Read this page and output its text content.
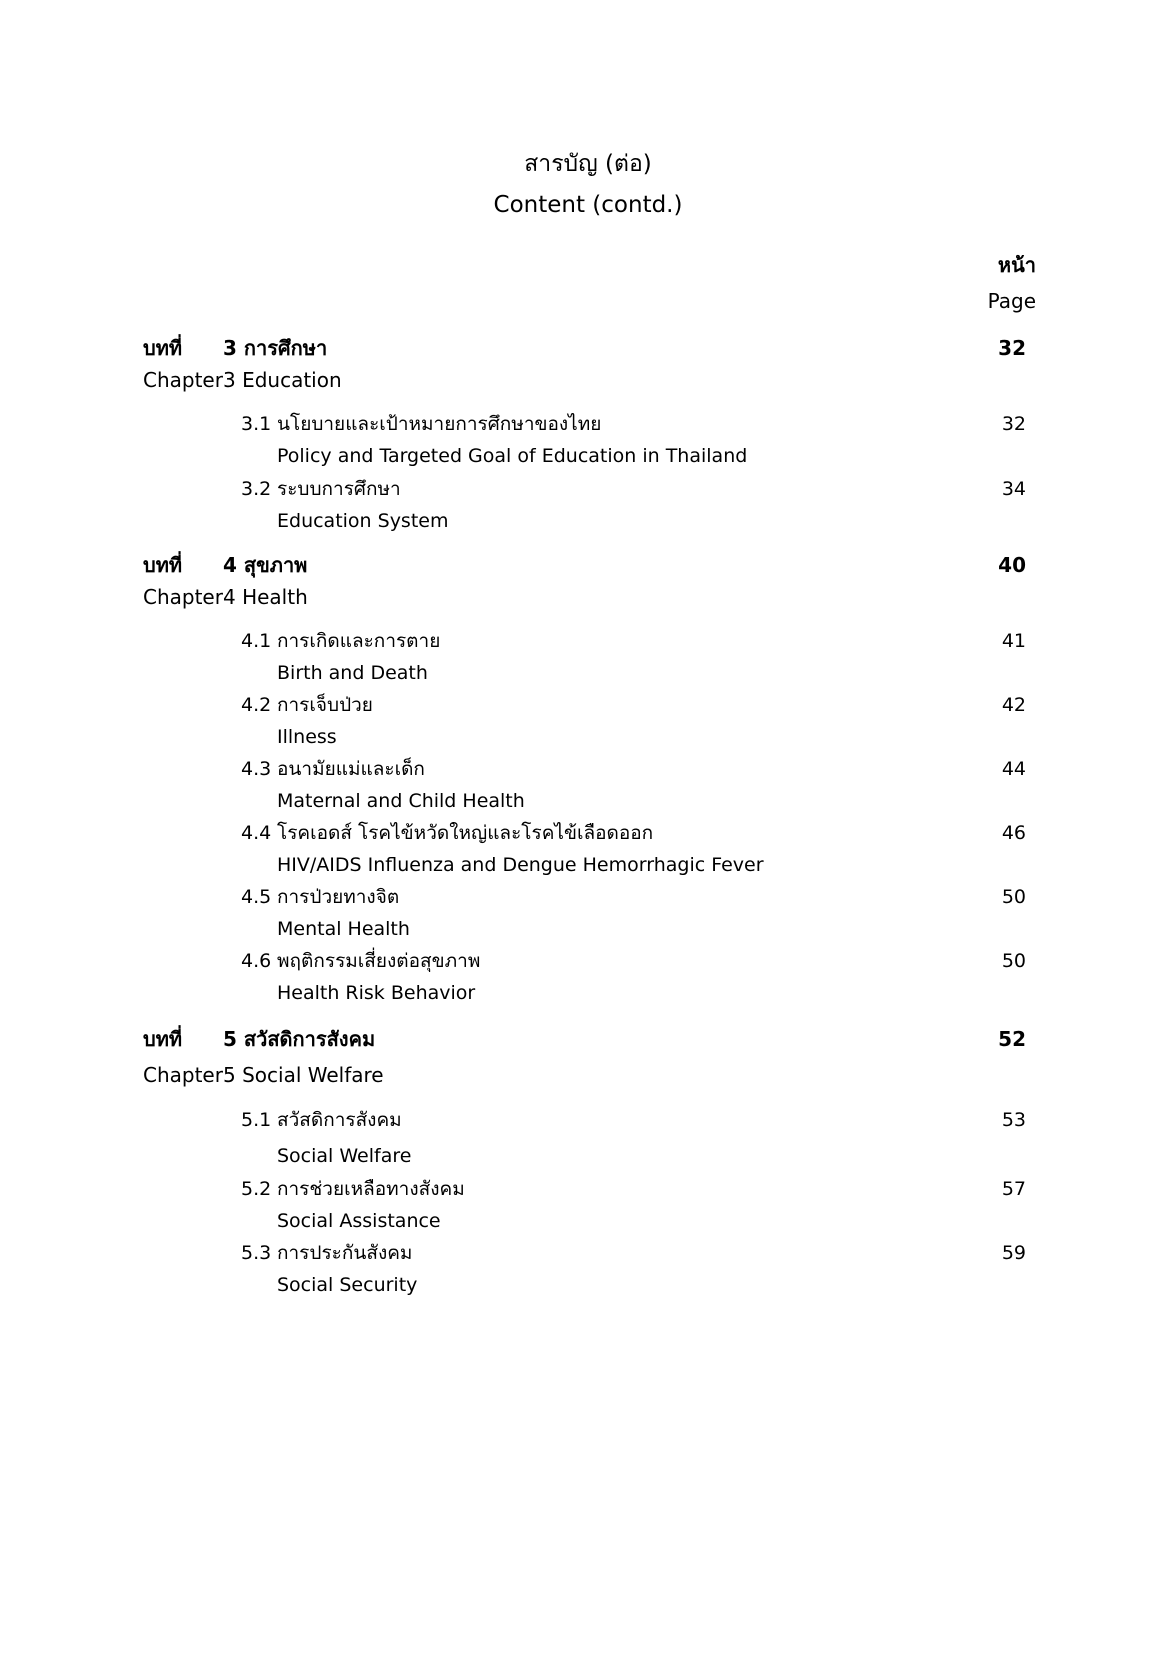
สารบัญ (ต่อ)
Content (contd.)
หน้า
Page
บทที่ 3 การศึกษา	32
Chapter 3 Education
3.1 นโยบายและเป้าหมายการศึกษาของไทย	32
Policy and Targeted Goal of Education in Thailand
3.2 ระบบการศึกษา	34
Education System
บทที่ 4 สุขภาพ	40
Chapter 4 Health
4.1 การเกิดและการตาย	41
Birth and Death
4.2 การเจ็บป่วย	42
Illness
4.3 อนามัยแม่และเด็ก	44
Maternal and Child Health
4.4 โรคเอดส์ โรคไข้หวัดใหญ่และโรคไข้เลือดออก	46
HIV/AIDS Influenza and Dengue Hemorrhagic Fever
4.5 การป่วยทางจิต	50
Mental Health
4.6 พฤติกรรมเสี่ยงต่อสุขภาพ	50
Health Risk Behavior
บทที่ 5 สวัสดิการสังคม	52
Chapter 5 Social Welfare
5.1 สวัสดิการสังคม	53
Social Welfare
5.2 การช่วยเหลือทางสังคม	57
Social Assistance
5.3 การประกันสังคม	59
Social Security
